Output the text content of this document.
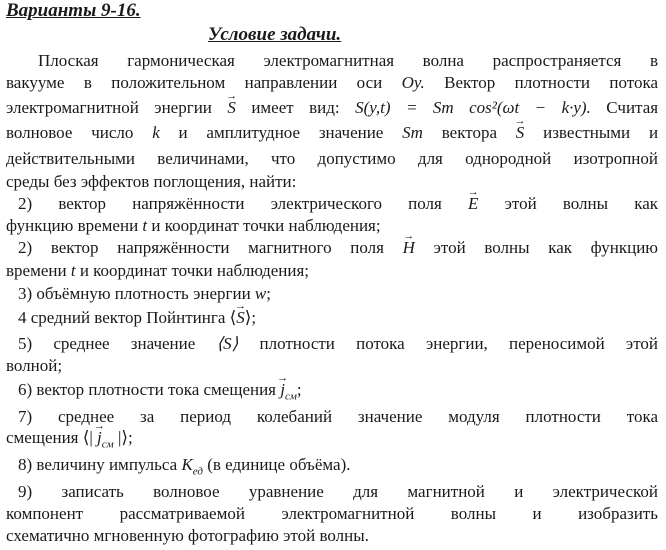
Варианты 9-16.
Условие задачи.
Плоская гармоническая электромагнитная волна распространяется в
вакууме в положительном направлении оси Oy. Вектор плотности потока
электромагнитной энергии → S имеет вид: S(y,t) = Sm cos²(ωt − k·y). Считая
волновое число k и амплитудное значение Sm вектора → S известными и
действительными величинами, что допустимо для однородной изотропной
среды без эффектов поглощения, найти:
2) вектор напряжённости электрического поля → E этой волны как
функцию времени t и координат точки наблюдения;
2) вектор напряжённости магнитного поля → H этой волны как функцию
времени t и координат точки наблюдения;
3) объёмную плотность энергии w;
4 средний вектор Пойнтинга ⟨→ S⟩;
5) среднее значение ⟨S⟩ плотности потока энергии, переносимой этой
волной;
6) вектор плотности тока смещения → $j_{см}$;
7) среднее за период колебаний значение модуля плотности тока
смещения ⟨| → $j_{см}$ |⟩;
8) величину импульса $K_{ед}$ (в единице объёма).
9) записать волновое уравнение для магнитной и электрической
компонент рассматриваемой электромагнитной волны и изобразить
схематично мгновенную фотографию этой волны.
